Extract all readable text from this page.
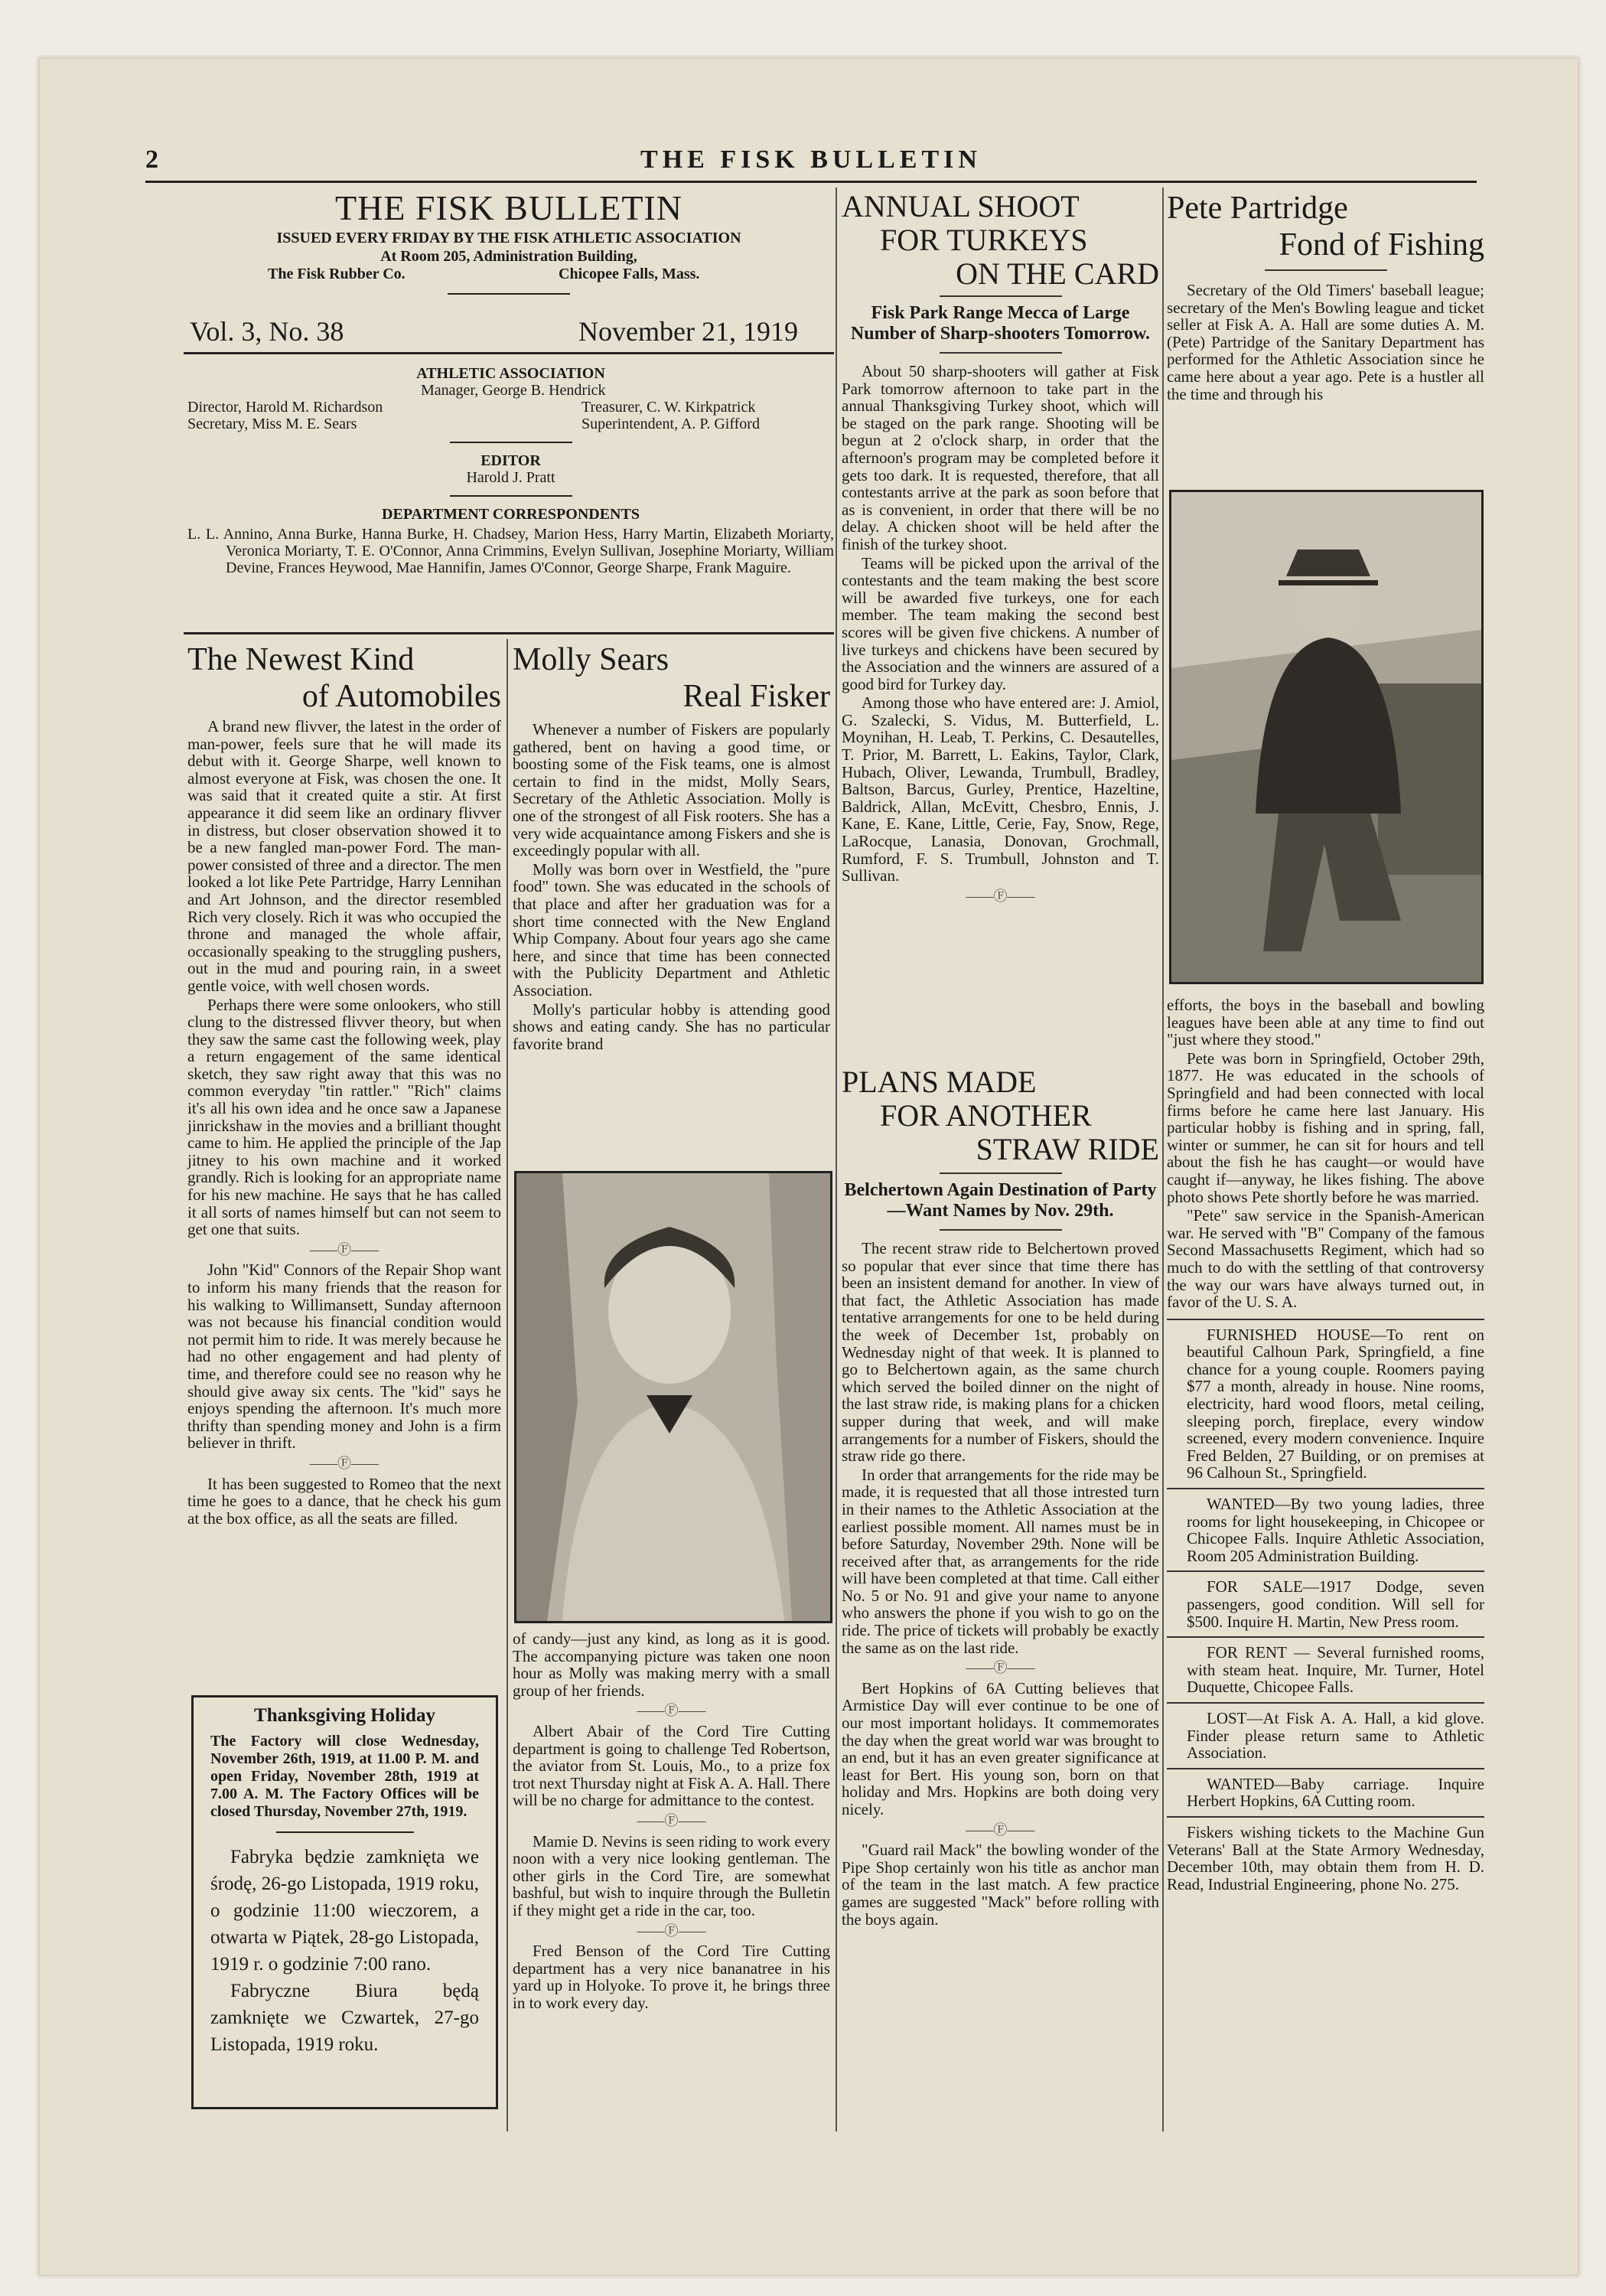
2	THE FISK BULLETIN
THE FISK BULLETIN
ISSUED EVERY FRIDAY BY THE FISK ATHLETIC ASSOCIATION
At Room 205, Administration Building,
The Fisk Rubber Co.	Chicopee Falls, Mass.
Vol. 3, No. 38	November 21, 1919
ATHLETIC ASSOCIATION
Manager, George B. Hendrick
Director, Harold M. Richardson	Treasurer, C. W. Kirkpatrick
Secretary, Miss M. E. Sears	Superintendent, A. P. Gifford
EDITOR
Harold J. Pratt
DEPARTMENT CORRESPONDENTS
L. L. Annino, Anna Burke, Hanna Burke, H. Chadsey, Marion Hess, Harry Martin, Elizabeth Moriarty, Veronica Moriarty, T. E. O'Connor, Anna Crimmins, Evelyn Sullivan, Josephine Moriarty, William Devine, Frances Heywood, Mae Hannifin, James O'Connor, George Sharpe, Frank Maguire.
The Newest Kind
of Automobiles

A brand new flivver, the latest in the order of man-power, feels sure that he will made its debut with it. George Sharpe, well known to almost everyone at Fisk, was chosen the one. It was said that it created quite a stir. At first appearance it did seem like an ordinary flivver in distress, but closer observation showed it to be a new fangled man-power Ford. The man-power consisted of three and a director. The men looked a lot like Pete Partridge, Harry Lennihan and Art Johnson, and the director resembled Rich very closely. Rich it was who occupied the throne and managed the whole affair, occasionally speaking to the struggling pushers, out in the mud and pouring rain, in a sweet gentle voice, with well chosen words.

Perhaps there were some onlookers, who still clung to the distressed flivver theory, but when they saw the same cast the following week, play a return engagement of the same identical sketch, they saw right away that this was no common everyday "tin rattler." "Rich" claims it's all his own idea and he once saw a Japanese jinrickshaw in the movies and a brilliant thought came to him. He applied the principle of the Jap jitney to his own machine and it worked grandly. Rich is looking for an appropriate name for his new machine. He says that he has called it all sorts of names himself but can not seem to get one that suits.

——Ⓕ——

John "Kid" Connors of the Repair Shop want to inform his many friends that the reason for his walking to Willimansett, Sunday afternoon was not because his financial condition would not permit him to ride. It was merely because he had no other engagement and had plenty of time, and therefore could see no reason why he should give away six cents. The "kid" says he enjoys spending the afternoon. It's much more thrifty than spending money and John is a firm believer in thrift.

——Ⓕ——

It has been suggested to Romeo that the next time he goes to a dance, that he check his gum at the box office, as all the seats are filled.

Thanksgiving Holiday
The Factory will close Wednesday, November 26th, 1919, at 11.00 P. M. and open Friday, November 28th, 1919 at 7.00 A. M. The Factory Offices will be closed Thursday, November 27th, 1919.
Fabryka będzie zamknięta we środę, 26-go Listopada, 1919 roku, o godzinie 11:00 wieczorem, a otwarta w Piątek, 28-go Listopada, 1919 r. o godzinie 7:00 rano.
Fabryczne Biura będą zamknięte we Czwartek, 27-go Listopada, 1919 roku.
Molly Sears
Real Fisker

Whenever a number of Fiskers are popularly gathered, bent on having a good time, or boosting some of the Fisk teams, one is almost certain to find in the midst, Molly Sears, Secretary of the Athletic Association. Molly is one of the strongest of all Fisk rooters. She has a very wide acquaintance among Fiskers and she is exceedingly popular with all.

Molly was born over in Westfield, the "pure food" town. She was educated in the schools of that place and after her graduation was for a short time connected with the New England Whip Company. About four years ago she came here, and since that time has been connected with the Publicity Department and Athletic Association.

Molly's particular hobby is attending good shows and eating candy. She has no particular favorite brand

of candy—just any kind, as long as it is good. The accompanying picture was taken one noon hour as Molly was making merry with a small group of her friends.

——Ⓕ——

Albert Abair of the Cord Tire Cutting department is going to challenge Ted Robertson, the aviator from St. Louis, Mo., to a prize fox trot next Thursday night at Fisk A. A. Hall. There will be no charge for admittance to the contest.

——Ⓕ——

Mamie D. Nevins is seen riding to work every noon with a very nice looking gentleman. The other girls in the Cord Tire, are somewhat bashful, but wish to inquire through the Bulletin if they might get a ride in the car, too.

——Ⓕ——

Fred Benson of the Cord Tire Cutting department has a very nice bananatree in his yard up in Holyoke. To prove it, he brings three in to work every day.

ANNUAL SHOOT
FOR TURKEYS
ON THE CARD
Fisk Park Range Mecca of Large Number of Sharp-shooters Tomorrow.

About 50 sharp-shooters will gather at Fisk Park tomorrow afternoon to take part in the annual Thanksgiving Turkey shoot, which will be staged on the park range. Shooting will be begun at 2 o'clock sharp, in order that the afternoon's program may be completed before it gets too dark. It is requested, therefore, that all contestants arrive at the park as soon before that as is convenient, in order that there will be no delay. A chicken shoot will be held after the finish of the turkey shoot.

Teams will be picked upon the arrival of the contestants and the team making the best score will be awarded five turkeys, one for each member. The team making the second best scores will be given five chickens. A number of live turkeys and chickens have been secured by the Association and the winners are assured of a good bird for Turkey day.

Among those who have entered are: J. Amiol, G. Szalecki, S. Vidus, M. Butterfield, L. Moynihan, H. Leab, T. Perkins, C. Desautelles, T. Prior, M. Barrett, L. Eakins, Taylor, Clark, Hubach, Oliver, Lewanda, Trumbull, Bradley, Baltson, Barcus, Gurley, Prentice, Hazeltine, Baldrick, Allan, McEvitt, Chesbro, Ennis, J. Kane, E. Kane, Little, Cerie, Fay, Snow, Rege, LaRocque, Lanasia, Donovan, Grochmall, Rumford, F. S. Trumbull, Johnston and T. Sullivan.

——Ⓕ——
PLANS MADE
FOR ANOTHER
STRAW RIDE
Belchertown Again Destination of Party—Want Names by Nov. 29th.

The recent straw ride to Belchertown proved so popular that ever since that time there has been an insistent demand for another. In view of that fact, the Athletic Association has made tentative arrangements for one to be held during the week of December 1st, probably on Wednesday night of that week. It is planned to go to Belchertown again, as the same church which served the boiled dinner on the night of the last straw ride, is making plans for a chicken supper during that week, and will make arrangements for a number of Fiskers, should the straw ride go there.

In order that arrangements for the ride may be made, it is requested that all those intrested turn in their names to the Athletic Association at the earliest possible moment. All names must be in before Saturday, November 29th. None will be received after that, as arrangements for the ride will have been completed at that time. Call either No. 5 or No. 91 and give your name to anyone who answers the phone if you wish to go on the ride. The price of tickets will probably be exactly the same as on the last ride.

——Ⓕ——

Bert Hopkins of 6A Cutting believes that Armistice Day will ever continue to be one of our most important holidays. It commemorates the day when the great world war was brought to an end, but it has an even greater significance at least for Bert. His young son, born on that holiday and Mrs. Hopkins are both doing very nicely.

——Ⓕ——

"Guard rail Mack" the bowling wonder of the Pipe Shop certainly won his title as anchor man of the team in the last match. A few practice games are suggested "Mack" before rolling with the boys again.

Pete Partridge
Fond of Fishing

Secretary of the Old Timers' baseball league; secretary of the Men's Bowling league and ticket seller at Fisk A. A. Hall are some duties A. M. (Pete) Partridge of the Sanitary Department has performed for the Athletic Association since he came here about a year ago. Pete is a hustler all the time and through his

efforts, the boys in the baseball and bowling leagues have been able at any time to find out "just where they stood."

Pete was born in Springfield, October 29th, 1877. He was educated in the schools of Springfield and had been connected with local firms before he came here last January. His particular hobby is fishing and in spring, fall, winter or summer, he can sit for hours and tell about the fish he has caught—or would have caught if—anyway, he likes fishing. The above photo shows Pete shortly before he was married.

"Pete" saw service in the Spanish-American war. He served with "B" Company of the famous Second Massachusetts Regiment, which had so much to do with the settling of that controversy the way our wars have always turned out, in favor of the U. S. A.

FURNISHED HOUSE—To rent on beautiful Calhoun Park, Springfield, a fine chance for a young couple. Roomers paying $77 a month, already in house. Nine rooms, electricity, hard wood floors, metal ceiling, sleeping porch, fireplace, every window screened, every modern convenience. Inquire Fred Belden, 27 Building, or on premises at 96 Calhoun St., Springfield.

WANTED—By two young ladies, three rooms for light housekeeping, in Chicopee or Chicopee Falls. Inquire Athletic Association, Room 205 Administration Building.

FOR SALE—1917 Dodge, seven passengers, good condition. Will sell for $500. Inquire H. Martin, New Press room.

FOR RENT — Several furnished rooms, with steam heat. Inquire, Mr. Turner, Hotel Duquette, Chicopee Falls.

LOST—At Fisk A. A. Hall, a kid glove. Finder please return same to Athletic Association.

WANTED—Baby carriage. Inquire Herbert Hopkins, 6A Cutting room.

Fiskers wishing tickets to the Machine Gun Veterans' Ball at the State Armory Wednesday, December 10th, may obtain them from H. D. Read, Industrial Engineering, phone No. 275.
